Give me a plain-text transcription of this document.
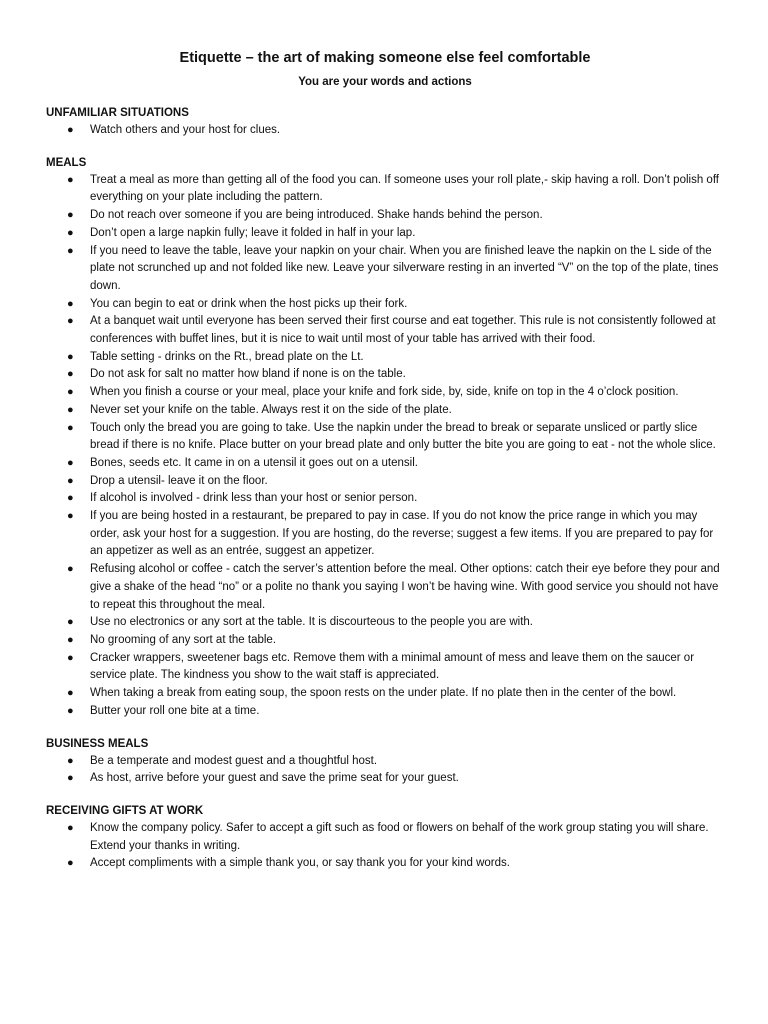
Etiquette – the art of making someone else feel comfortable

You are your words and actions

UNFAMILIAR SITUATIONS

● Watch others and your host for clues.

MEALS

● Treat a meal as more than getting all of the food you can. If someone uses your roll plate,- skip having a roll. Don’t polish off everything on your plate including the pattern.
● Do not reach over someone if you are being introduced. Shake hands behind the person.
● Don’t open a large napkin fully; leave it folded in half in your lap.
● If you need to leave the table, leave your napkin on your chair. When you are finished leave the napkin on the L side of the plate not scrunched up and not folded like new. Leave your silverware resting in an inverted “V” on the top of the plate, tines down.
● You can begin to eat or drink when the host picks up their fork.
● At a banquet wait until everyone has been served their first course and eat together. This rule is not consistently followed at conferences with buffet lines, but it is nice to wait until most of your table has arrived with their food.
● Table setting - drinks on the Rt., bread plate on the Lt.
● Do not ask for salt no matter how bland if none is on the table.
● When you finish a course or your meal, place your knife and fork side, by, side, knife on top in the 4 o’clock position.
● Never set your knife on the table. Always rest it on the side of the plate.
● Touch only the bread you are going to take. Use the napkin under the bread to break or separate unsliced or partly slice bread if there is no knife. Place butter on your bread plate and only butter the bite you are going to eat - not the whole slice.
● Bones, seeds etc. It came in on a utensil it goes out on a utensil.
● Drop a utensil- leave it on the floor.
● If alcohol is involved - drink less than your host or senior person.
● If you are being hosted in a restaurant, be prepared to pay in case. If you do not know the price range in which you may order, ask your host for a suggestion. If you are hosting, do the reverse; suggest a few items. If you are prepared to pay for an appetizer as well as an entrée, suggest an appetizer.
● Refusing alcohol or coffee - catch the server’s attention before the meal. Other options: catch their eye before they pour and give a shake of the head “no” or a polite no thank you saying I won’t be having wine. With good service you should not have to repeat this throughout the meal.
● Use no electronics or any sort at the table. It is discourteous to the people you are with.
● No grooming of any sort at the table.
● Cracker wrappers, sweetener bags etc. Remove them with a minimal amount of mess and leave them on the saucer or service plate. The kindness you show to the wait staff is appreciated.
● When taking a break from eating soup, the spoon rests on the under plate. If no plate then in the center of the bowl.
● Butter your roll one bite at a time.

BUSINESS MEALS

● Be a temperate and modest guest and a thoughtful host.
● As host, arrive before your guest and save the prime seat for your guest.

RECEIVING GIFTS AT WORK

● Know the company policy. Safer to accept a gift such as food or flowers on behalf of the work group stating you will share. Extend your thanks in writing.
● Accept compliments with a simple thank you, or say thank you for your kind words.
